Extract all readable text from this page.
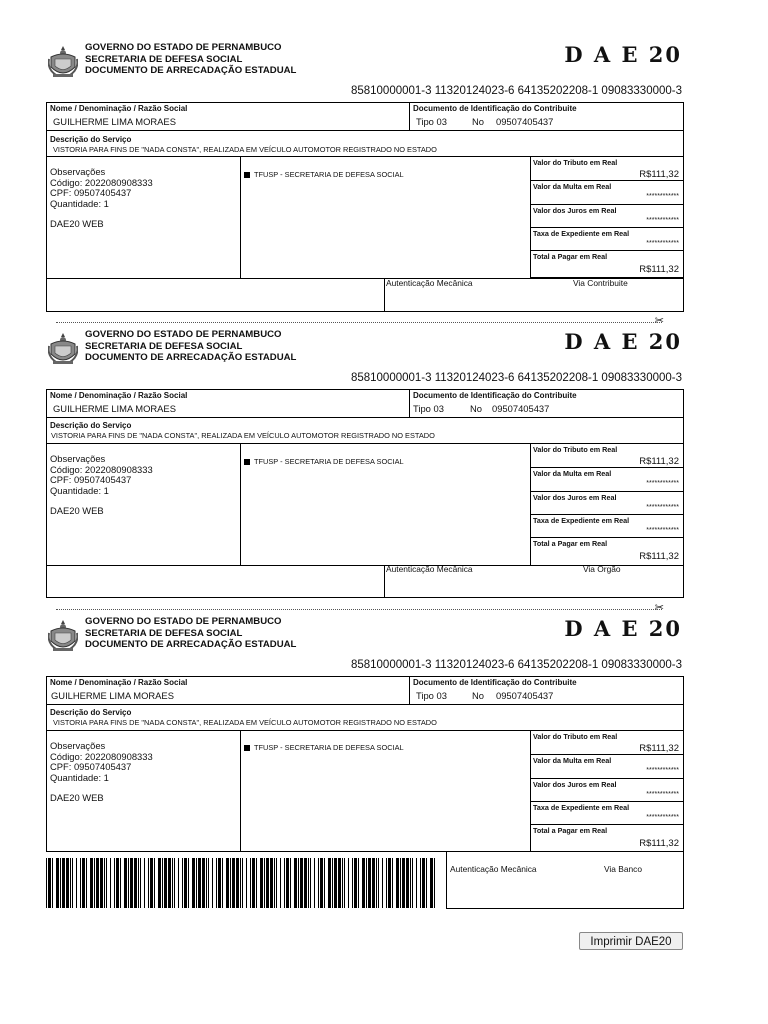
GOVERNO DO ESTADO DE PERNAMBUCO
SECRETARIA DE DEFESA SOCIAL
DOCUMENTO DE ARRECADAÇÃO ESTADUAL
D A E 20
85810000001-3 11320124023-6 64135202208-1 09083330000-3
Nome / Denominação / Razão Social
GUILHERME LIMA MORAES
Documento de Identificação do Contribuite
Tipo 03	No 09507405437
Descrição do Serviço
VISTORIA PARA FINS DE "NADA CONSTA", REALIZADA EM VEÍCULO AUTOMOTOR REGISTRADO NO ESTADO
Observações
Código: 2022080908333
CPF: 09507405437
Quantidade: 1
DAE20 WEB
TFUSP - SECRETARIA DE DEFESA SOCIAL
Valor do Tributo em Real
R$111,32
Valor da Multa em Real
************
Valor dos Juros em Real
************
Taxa de Expediente em Real
************
Total a Pagar em Real
R$111,32
Autenticação Mecânica	Via Contribuite
✂
GOVERNO DO ESTADO DE PERNAMBUCO
SECRETARIA DE DEFESA SOCIAL
DOCUMENTO DE ARRECADAÇÃO ESTADUAL
D A E 20
85810000001-3 11320124023-6 64135202208-1 09083330000-3
Nome / Denominação / Razão Social
GUILHERME LIMA MORAES
Documento de Identificação do Contribuite
Tipo 03	No 09507405437
Descrição do Serviço
VISTORIA PARA FINS DE "NADA CONSTA", REALIZADA EM VEÍCULO AUTOMOTOR REGISTRADO NO ESTADO
Observações
Código: 2022080908333
CPF: 09507405437
Quantidade: 1
DAE20 WEB
TFUSP - SECRETARIA DE DEFESA SOCIAL
Valor do Tributo em Real
R$111,32
Valor da Multa em Real
************
Valor dos Juros em Real
************
Taxa de Expediente em Real
************
Total a Pagar em Real
R$111,32
Autenticação Mecânica	Via Orgão
✂
GOVERNO DO ESTADO DE PERNAMBUCO
SECRETARIA DE DEFESA SOCIAL
DOCUMENTO DE ARRECADAÇÃO ESTADUAL
D A E 20
85810000001-3 11320124023-6 64135202208-1 09083330000-3
Nome / Denominação / Razão Social
GUILHERME LIMA MORAES
Documento de Identificação do Contribuite
Tipo 03	No 09507405437
Descrição do Serviço
VISTORIA PARA FINS DE "NADA CONSTA", REALIZADA EM VEÍCULO AUTOMOTOR REGISTRADO NO ESTADO
Observações
Código: 2022080908333
CPF: 09507405437
Quantidade: 1
DAE20 WEB
TFUSP - SECRETARIA DE DEFESA SOCIAL
Valor do Tributo em Real
R$111,32
Valor da Multa em Real
************
Valor dos Juros em Real
************
Taxa de Expediente em Real
************
Total a Pagar em Real
R$111,32
Autenticação Mecânica	Via Banco
Imprimir DAE20
